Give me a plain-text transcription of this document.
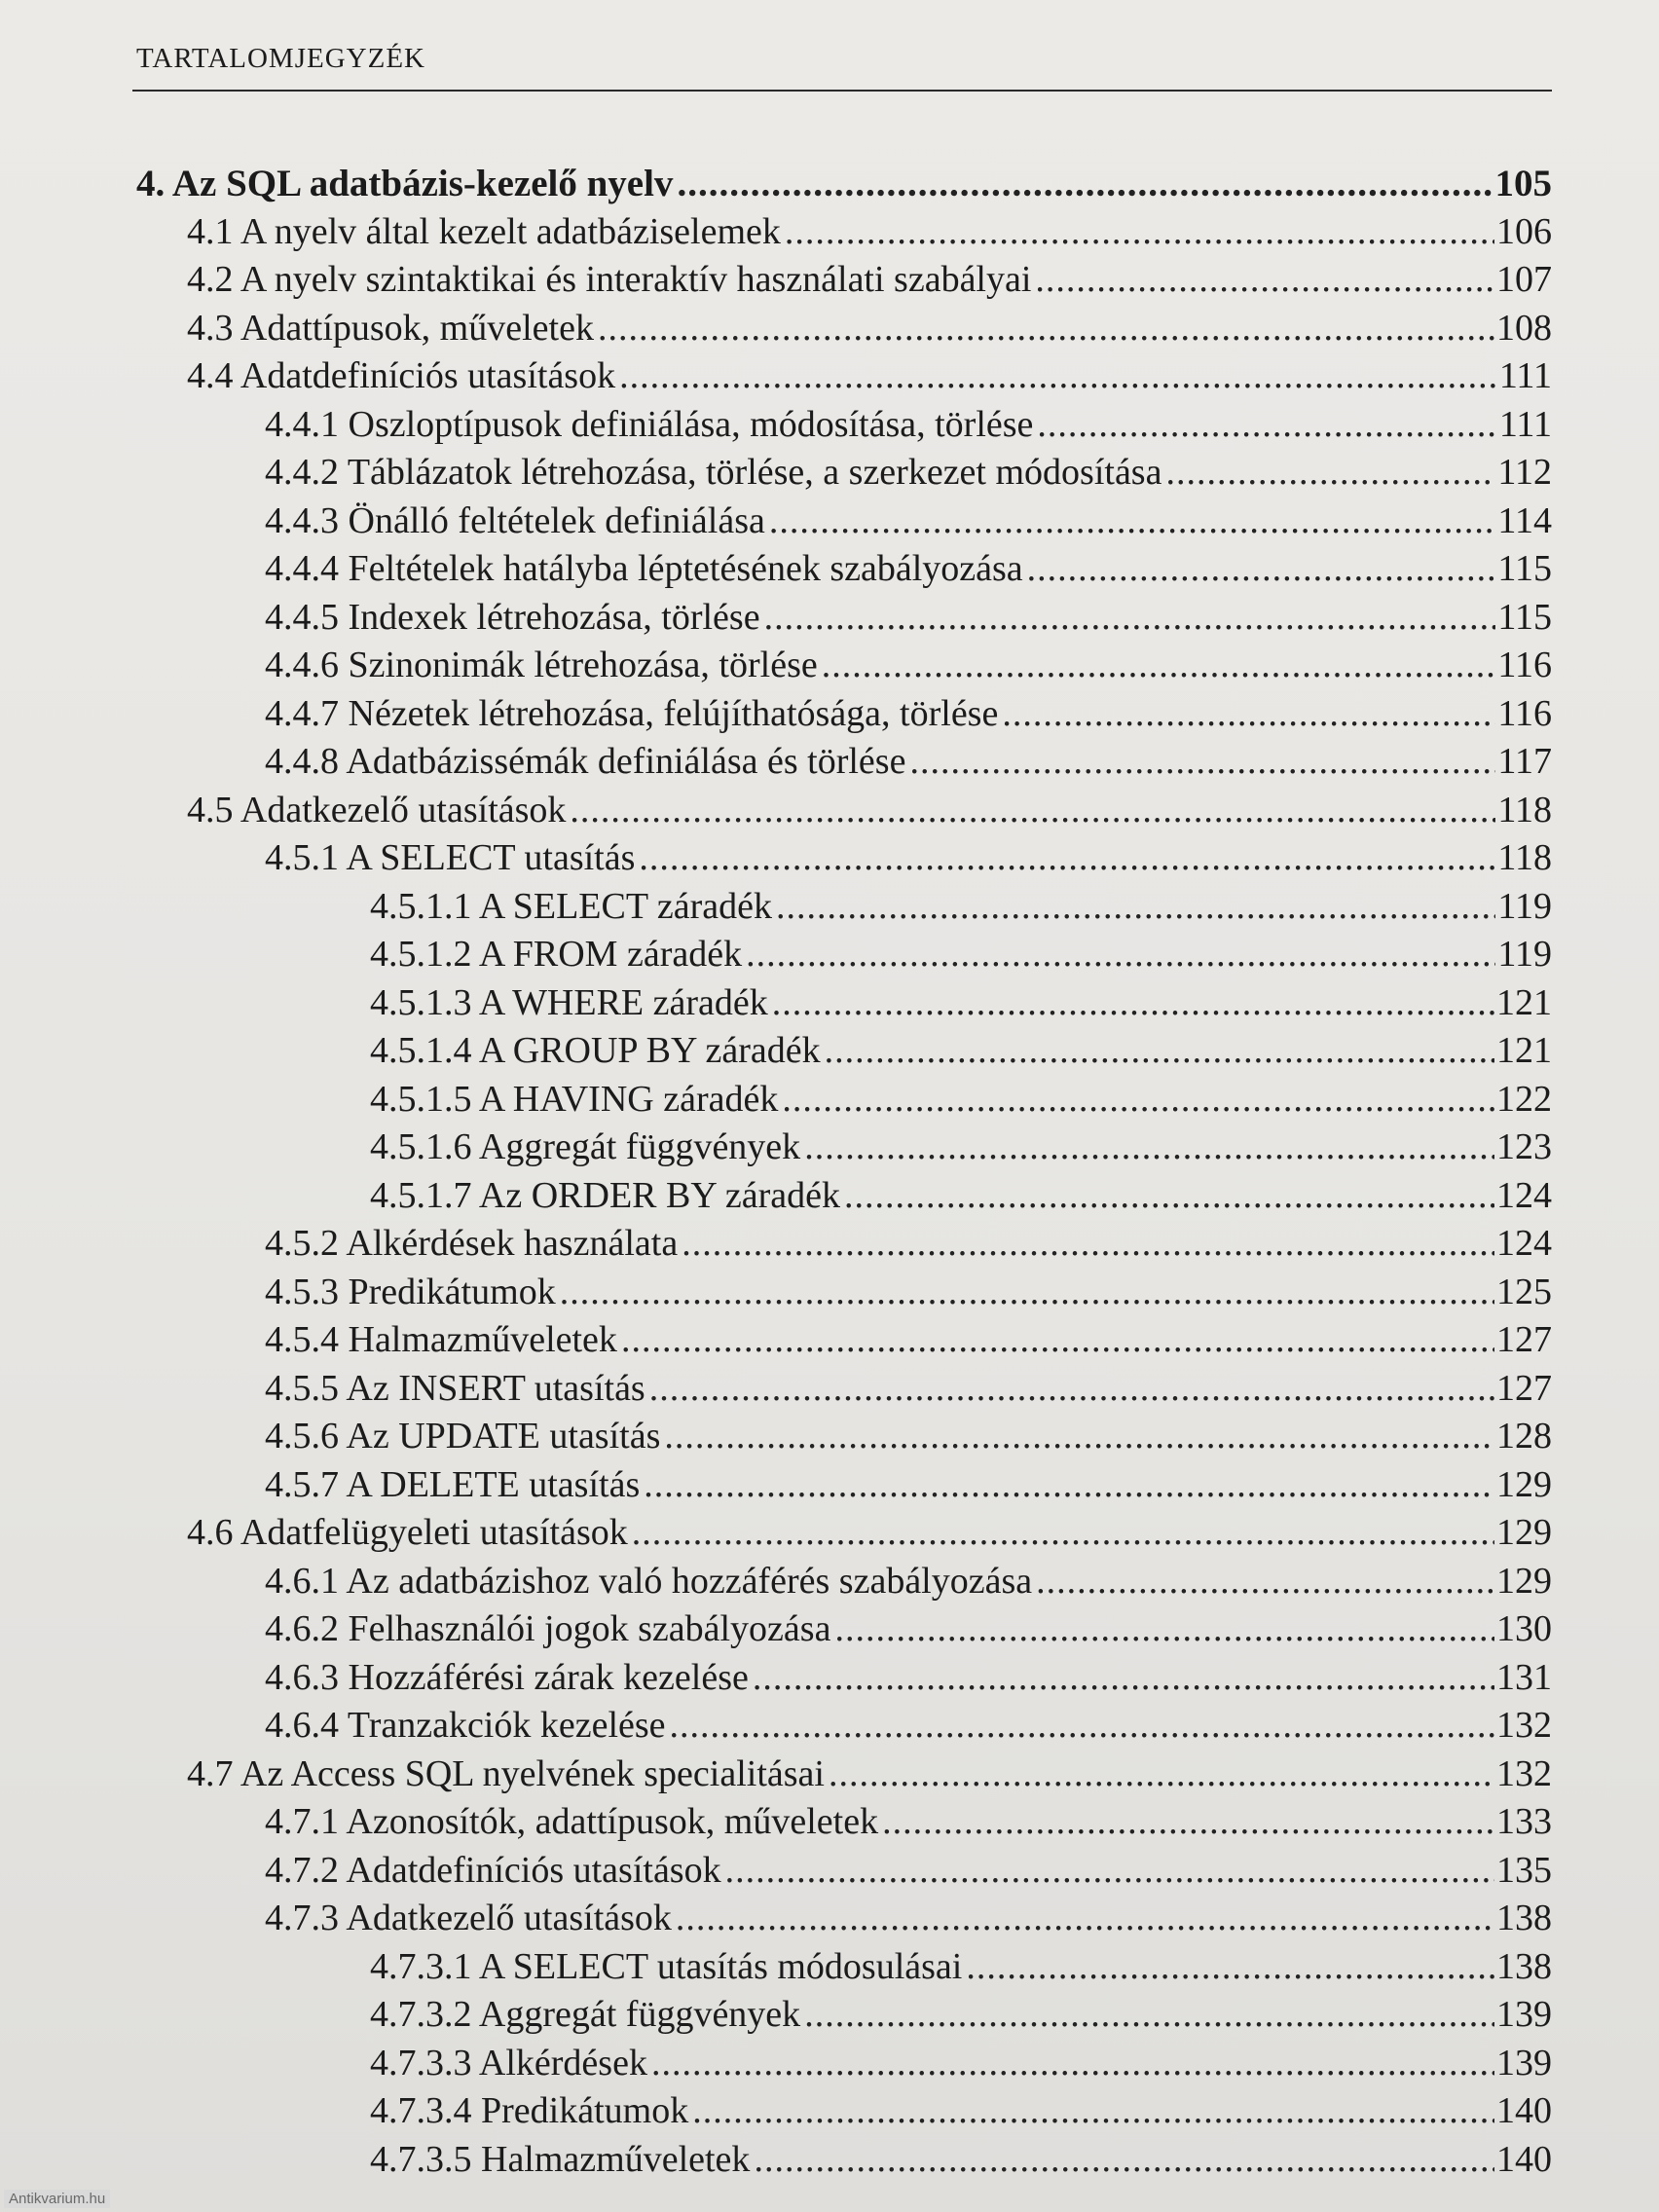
TARTALOMJEGYZÉK
4. Az SQL adatbázis-kezelő nyelv .....	105
4.1 A nyelv által kezelt adatbáziselemek .....	106
4.2 A nyelv szintaktikai és interaktív használati szabályai .....	107
4.3 Adattípusok, műveletek .....	108
4.4 Adatdefiníciós utasítások .....	111
4.4.1 Oszloptípusok definiálása, módosítása, törlése .....	111
4.4.2 Táblázatok létrehozása, törlése, a szerkezet módosítása .....	112
4.4.3 Önálló feltételek definiálása .....	114
4.4.4 Feltételek hatályba léptetésének szabályozása .....	115
4.4.5 Indexek létrehozása, törlése .....	115
4.4.6 Szinonimák létrehozása, törlése .....	116
4.4.7 Nézetek létrehozása, felújíthatósága, törlése .....	116
4.4.8 Adatbázissémák definiálása és törlése .....	117
4.5 Adatkezelő utasítások .....	118
4.5.1 A SELECT utasítás .....	118
4.5.1.1 A SELECT záradék .....	119
4.5.1.2 A FROM záradék .....	119
4.5.1.3 A WHERE záradék .....	121
4.5.1.4 A GROUP BY záradék .....	121
4.5.1.5 A HAVING záradék .....	122
4.5.1.6 Aggregát függvények .....	123
4.5.1.7 Az ORDER BY záradék .....	124
4.5.2 Alkérdések használata .....	124
4.5.3 Predikátumok .....	125
4.5.4 Halmazműveletek .....	127
4.5.5 Az INSERT utasítás .....	127
4.5.6 Az UPDATE utasítás .....	128
4.5.7 A DELETE utasítás .....	129
4.6 Adatfelügyeleti utasítások .....	129
4.6.1 Az adatbázishoz való hozzáférés szabályozása .....	129
4.6.2 Felhasználói jogok szabályozása .....	130
4.6.3 Hozzáférési zárak kezelése .....	131
4.6.4 Tranzakciók kezelése .....	132
4.7 Az Access SQL nyelvének specialitásai .....	132
4.7.1 Azonosítók, adattípusok, műveletek .....	133
4.7.2 Adatdefiníciós utasítások .....	135
4.7.3 Adatkezelő utasítások .....	138
4.7.3.1 A SELECT utasítás módosulásai .....	138
4.7.3.2 Aggregát függvények .....	139
4.7.3.3 Alkérdések .....	139
4.7.3.4 Predikátumok .....	140
4.7.3.5 Halmazműveletek .....	140
Antikvarium.hu
